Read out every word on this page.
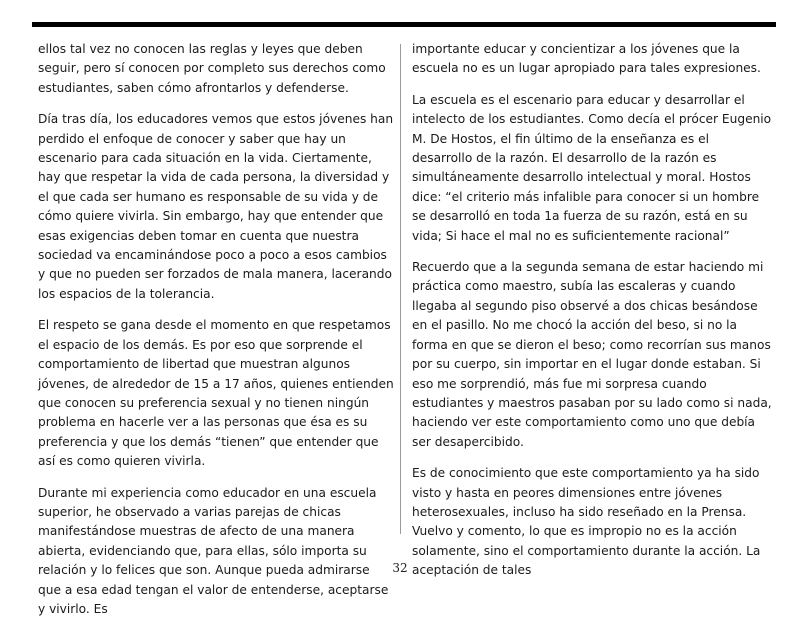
ellos tal vez no conocen las reglas y leyes que deben seguir, pero sí conocen por completo sus derechos como estudiantes, saben cómo afrontarlos y defenderse.

Día tras día, los educadores vemos que estos jóvenes han perdido el enfoque de conocer y saber que hay un escenario para cada situación en la vida. Ciertamente, hay que respetar la vida de cada persona, la diversidad y el que cada ser humano es responsable de su vida y de cómo quiere vivirla. Sin embargo, hay que entender que esas exigencias deben tomar en cuenta que nuestra sociedad va encaminándose poco a poco a esos cambios y que no pueden ser forzados de mala manera, lacerando los espacios de la tolerancia.

El respeto se gana desde el momento en que respetamos el espacio de los demás. Es por eso que sorprende el comportamiento de libertad que muestran algunos jóvenes, de alrededor de 15 a 17 años, quienes entienden que conocen su preferencia sexual y no tienen ningún problema en hacerle ver a las personas que ésa es su preferencia y que los demás “tienen” que entender que así es como quieren vivirla.

Durante mi experiencia como educador en una escuela superior, he observado a varias parejas de chicas manifestándose muestras de afecto de una manera abierta, evidenciando que, para ellas, sólo importa su relación y lo felices que son. Aunque pueda admirarse que a esa edad tengan el valor de entenderse, aceptarse y vivirlo. Es

importante educar y concientizar a los jóvenes que la escuela no es un lugar apropiado para tales expresiones.

La escuela es el escenario para educar y desarrollar el intelecto de los estudiantes. Como decía el prócer Eugenio M. De Hostos, el fin último de la enseñanza es el desarrollo de la razón. El desarrollo de la razón es simultáneamente desarrollo intelectual y moral. Hostos dice: “el criterio más infalible para conocer si un hombre se desarrolló en toda 1a fuerza de su razón, está en su vida; Si hace el mal no es suficientemente racional”

Recuerdo que a la segunda semana de estar haciendo mi práctica como maestro, subía las escaleras y cuando llegaba al segundo piso observé a dos chicas besándose en el pasillo. No me chocó la acción del beso, si no la forma en que se dieron el beso; como recorrían sus manos por su cuerpo, sin importar en el lugar donde estaban. Si eso me sorprendió, más fue mi sorpresa cuando estudiantes y maestros pasaban por su lado como si nada, haciendo ver este comportamiento como uno que debía ser desapercibido.

Es de conocimiento que este comportamiento ya ha sido visto y hasta en peores dimensiones entre jóvenes heterosexuales, incluso ha sido reseñado en la Prensa. Vuelvo y comento, lo que es impropio no es la acción solamente, sino el comportamiento durante la acción. La aceptación de tales

32
